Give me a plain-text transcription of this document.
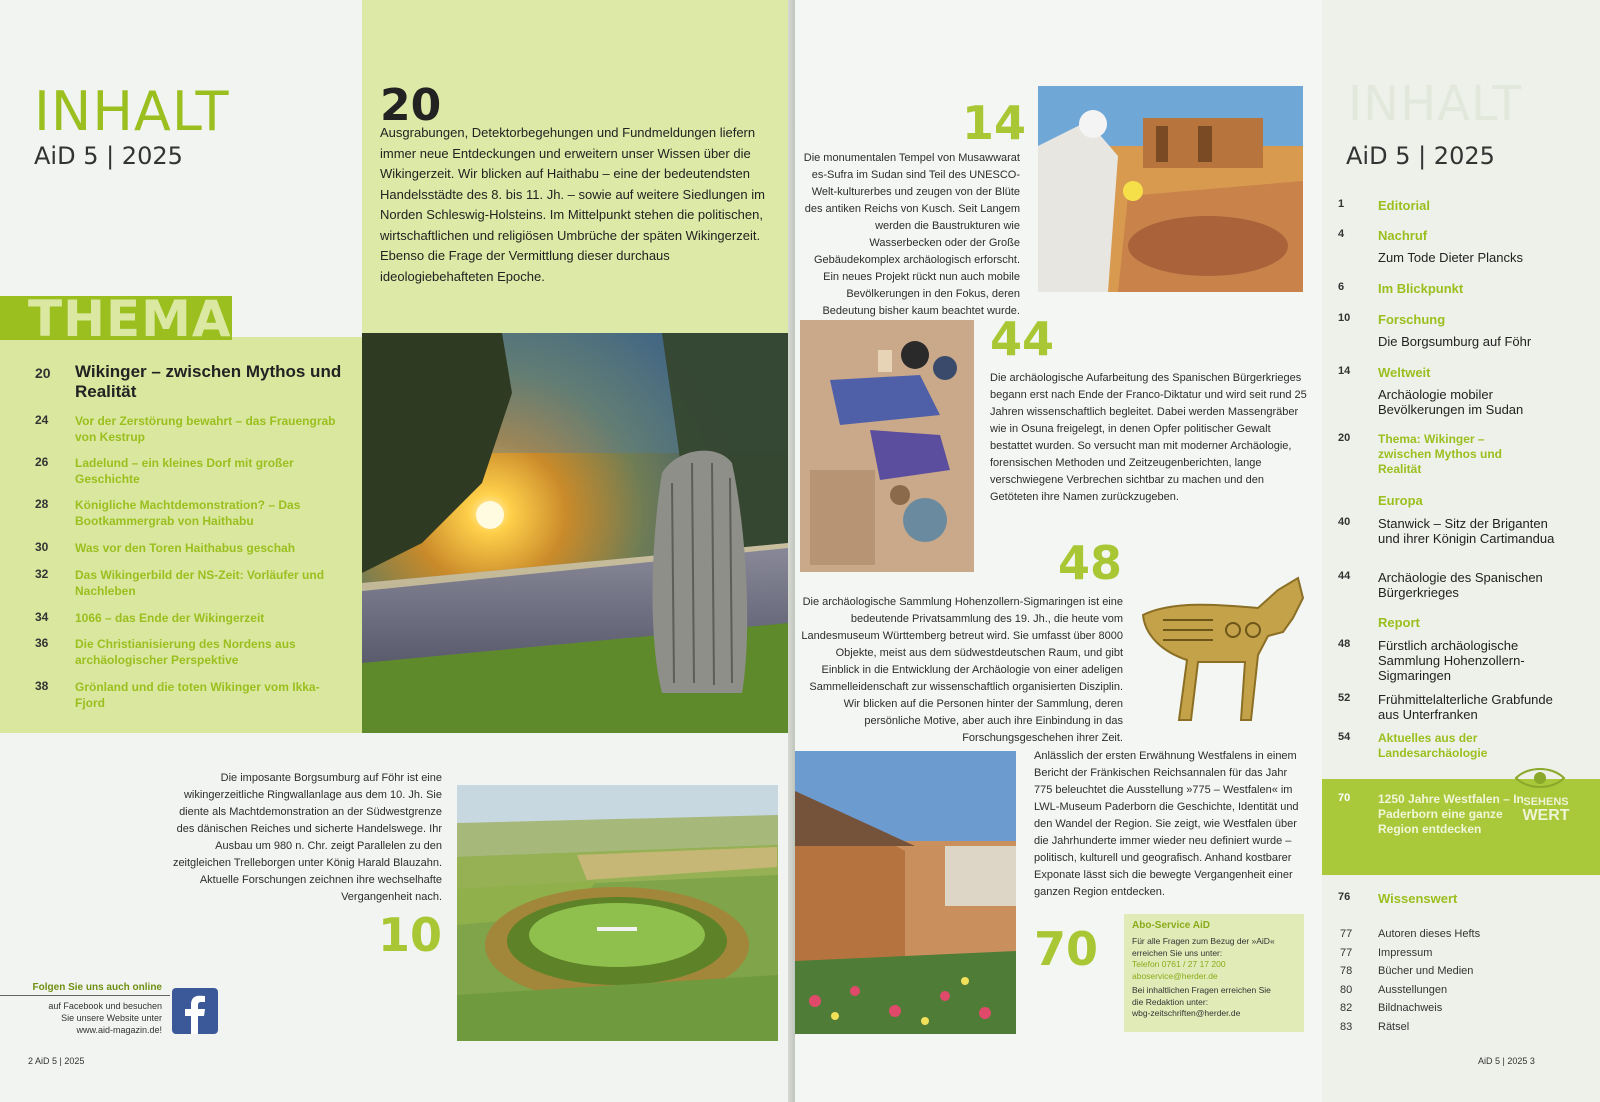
INHALT
AiD 5 | 2025
20
Ausgrabungen, Detektorbegehungen und Fundmeldungen liefern immer neue Entdeckungen und erweitern unser Wissen über die Wikingerzeit. Wir blicken auf Haithabu – eine der bedeutendsten Handelsstädte des 8. bis 11. Jh. – sowie auf weitere Siedlungen im Norden Schleswig-Holsteins. Im Mittelpunkt stehen die politischen, wirtschaftlichen und religiösen Umbrüche der späten Wikingerzeit. Ebenso die Frage der Vermittlung dieser durchaus ideologiebehafteten Epoche.
THEMA
20 Wikinger – zwischen Mythos und Realität
24 Vor der Zerstörung bewahrt – das Frauengrab von Kestrup
26 Ladelund – ein kleines Dorf mit großer Geschichte
28 Königliche Machtdemonstration? – Das Bootkammergrab von Haithabu
30 Was vor den Toren Haithabus geschah
32 Das Wikingerbild der NS-Zeit: Vorläufer und Nachleben
34 1066 – das Ende der Wikingerzeit
36 Die Christianisierung des Nordens aus archäologischer Perspektive
38 Grönland und die toten Wikinger vom Ikka-Fjord
Die imposante Borgsumburg auf Föhr ist eine wikingerzeitliche Ringwallanlage aus dem 10. Jh. Sie diente als Machtdemonstration an der Südwestgrenze des dänischen Reiches und sicherte Handelswege. Ihr Ausbau um 980 n. Chr. zeigt Parallelen zu den zeitgleichen Trelleborgen unter König Harald Blauzahn. Aktuelle Forschungen zeichnen ihre wechselhafte Vergangenheit nach.
10
Folgen Sie uns auch online
auf Facebook und besuchen
Sie unsere Website unter
www.aid-magazin.de!
2 AiD 5 | 2025
INHALT
AiD 5 | 2025
14
Die monumentalen Tempel von Musawwarat es-Sufra im Sudan sind Teil des UNESCO-Welt-kulturerbes und zeugen von der Blüte des antiken Reichs von Kusch. Seit Langem werden die Baustrukturen wie Wasserbecken oder der Große Gebäudekomplex archäologisch erforscht. Ein neues Projekt rückt nun auch mobile Bevölkerungen in den Fokus, deren Bedeutung bisher kaum beachtet wurde.
44
Die archäologische Aufarbeitung des Spanischen Bürgerkrieges begann erst nach Ende der Franco-Diktatur und wird seit rund 25 Jahren wissenschaftlich begleitet. Dabei werden Massengräber wie in Osuna freigelegt, in denen Opfer politischer Gewalt bestattet wurden. So versucht man mit moderner Archäologie, forensischen Methoden und Zeitzeugenberichten, lange verschwiegene Verbrechen sichtbar zu machen und den Getöteten ihre Namen zurückzugeben.
48
Die archäologische Sammlung Hohenzollern-Sigmaringen ist eine bedeutende Privatsammlung des 19. Jh., die heute vom Landesmuseum Württemberg betreut wird. Sie umfasst über 8000 Objekte, meist aus dem südwestdeutschen Raum, und gibt Einblick in die Entwicklung der Archäologie von einer adeligen Sammelleidenschaft zur wissenschaftlich organisierten Disziplin. Wir blicken auf die Personen hinter der Sammlung, deren persönliche Motive, aber auch ihre Einbindung in das Forschungsgeschehen ihrer Zeit.
Anlässlich der ersten Erwähnung Westfalens in einem Bericht der Fränkischen Reichsannalen für das Jahr 775 beleuchtet die Ausstellung »775 – Westfalen« im LWL-Museum Paderborn die Geschichte, Identität und den Wandel der Region. Sie zeigt, wie Westfalen über die Jahrhunderte immer wieder neu definiert wurde – politisch, kulturell und geografisch. Anhand kostbarer Exponate lässt sich die bewegte Vergangenheit einer ganzen Region entdecken.
70	Abo-Service AiD
Für alle Fragen zum Bezug der »AiD«
erreichen Sie uns unter:
Telefon 0761 / 27 17 200
aboservice@herder.de
Bei inhaltlichen Fragen erreichen Sie
die Redaktion unter:
wbg-zeitschriften@herder.de
1	Editorial
4	Nachruf
Zum Tode Dieter Plancks
6	Im Blickpunkt
10	Forschung
Die Borgsumburg auf Föhr
14	Weltweit
Archäologie mobiler Bevölkerungen im Sudan
20	Thema: Wikinger – zwischen Mythos und Realität
Europa
40	Stanwick – Sitz der Briganten und ihrer Königin Cartimandua
44	Archäologie des Spanischen Bürgerkrieges
Report
48	Fürstlich archäologische Sammlung Hohenzollern-Sigmaringen
52	Frühmittelalterliche Grabfunde aus Unterfranken
54	Aktuelles aus der Landesarchäologie
70	1250 Jahre Westfalen – In Paderborn eine ganze Region entdecken
SEHENS
WERT
76	Wissenswert
77 Autoren dieses Hefts
77 Impressum
78 Bücher und Medien
80 Ausstellungen
82 Bildnachweis
83 Rätsel
AiD 5 | 2025 3
